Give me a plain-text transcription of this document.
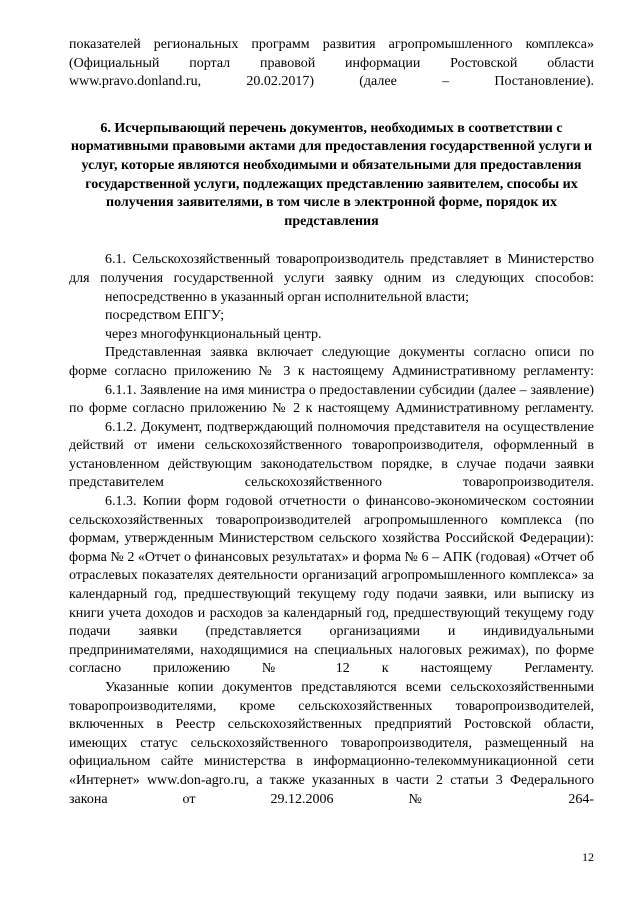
показателей региональных программ развития агропромышленного комплекса» (Официальный портал правовой информации Ростовской области www.pravo.donland.ru, 20.02.2017) (далее – Постановление).

6. Исчерпывающий перечень документов, необходимых в соответствии с нормативными правовыми актами для предоставления государственной услуги и услуг, которые являются необходимыми и обязательными для предоставления государственной услуги, подлежащих представлению заявителем, способы их получения заявителями, в том числе в электронной форме, порядок их представления

6.1. Сельскохозяйственный товаропроизводитель представляет в Министерство для получения государственной услуги заявку одним из следующих способов:

непосредственно в указанный орган исполнительной власти;

посредством ЕПГУ;

через многофункциональный центр.

Представленная заявка включает следующие документы согласно описи по форме согласно приложению № 3 к настоящему Административному регламенту:

6.1.1. Заявление на имя министра о предоставлении субсидии (далее – заявление) по форме согласно приложению № 2 к настоящему Административному регламенту.

6.1.2. Документ, подтверждающий полномочия представителя на осуществление действий от имени сельскохозяйственного товаропроизводителя, оформленный в установленном действующим законодательством порядке, в случае подачи заявки представителем сельскохозяйственного товаропроизводителя.

6.1.3. Копии форм годовой отчетности о финансово-экономическом состоянии сельскохозяйственных товаропроизводителей агропромышленного комплекса (по формам, утвержденным Министерством сельского хозяйства Российской Федерации): форма № 2 «Отчет о финансовых результатах» и форма № 6 – АПК (годовая) «Отчет об отраслевых показателях деятельности организаций агропромышленного комплекса» за календарный год, предшествующий текущему году подачи заявки, или выписку из книги учета доходов и расходов за календарный год, предшествующий текущему году подачи заявки (представляется организациями и индивидуальными предпринимателями, находящимися на специальных налоговых режимах), по форме согласно приложению № 12 к настоящему Регламенту.

Указанные копии документов представляются всеми сельскохозяйственными товаропроизводителями, кроме сельскохозяйственных товаропроизводителей, включенных в Реестр сельскохозяйственных предприятий Ростовской области, имеющих статус сельскохозяйственного товаропроизводителя, размещенный на официальном сайте министерства в информационно-телекоммуникационной сети «Интернет» www.don-agro.ru, а также указанных в части 2 статьи 3 Федерального закона от 29.12.2006 № 264-

12
